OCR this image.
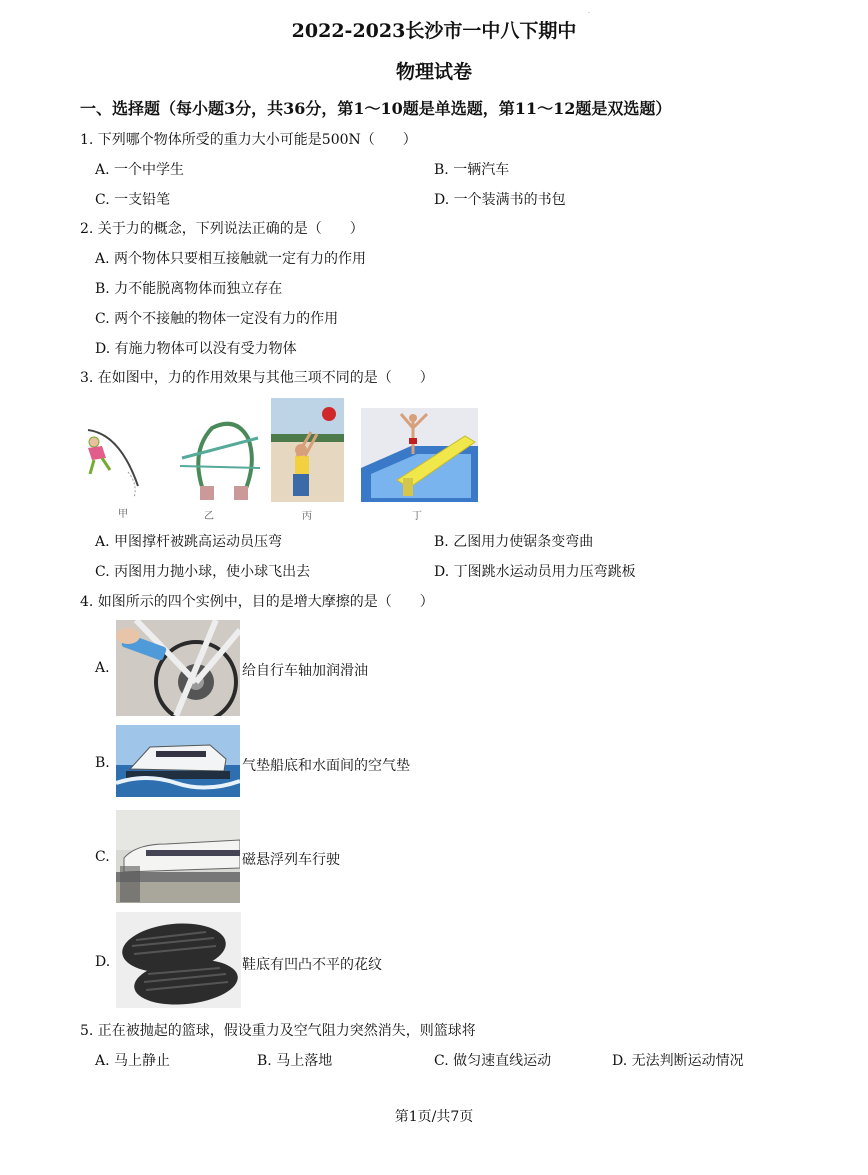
·
2022-2023长沙市一中八下期中
物理试卷
一、选择题（每小题3分，共36分，第1～10题是单选题，第11～12题是双选题）
1. 下列哪个物体所受的重力大小可能是500N（　　）
A. 一个中学生	B. 一辆汽车
C. 一支铅笔	D. 一个装满书的书包
2. 关于力的概念，下列说法正确的是（　　）
A. 两个物体只要相互接触就一定有力的作用
B. 力不能脱离物体而独立存在
C. 两个不接触的物体一定没有力的作用
D. 有施力物体可以没有受力物体
3. 在如图中，力的作用效果与其他三项不同的是（　　）
甲	乙	丙	丁
A. 甲图撑杆被跳高运动员压弯	B. 乙图用力使锯条变弯曲
C. 丙图用力抛小球，使小球飞出去	D. 丁图跳水运动员用力压弯跳板
4. 如图所示的四个实例中，目的是增大摩擦的是（　　）
A.	给自行车轴加润滑油
B.	气垫船底和水面间的空气垫
C.	磁悬浮列车行驶
D.	鞋底有凹凸不平的花纹
5. 正在被抛起的篮球，假设重力及空气阻力突然消失，则篮球将
A. 马上静止	B. 马上落地	C. 做匀速直线运动	D. 无法判断运动情况
第1页/共7页
